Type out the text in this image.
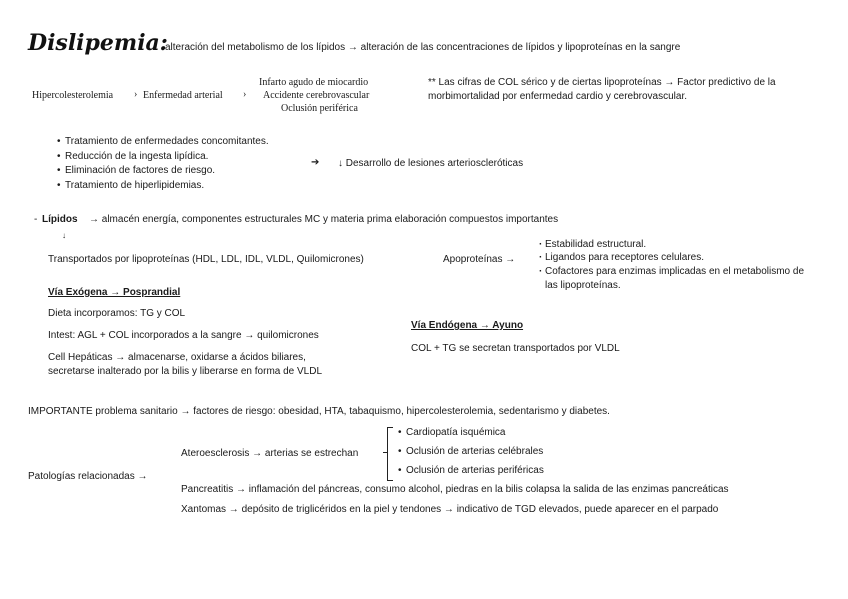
Dislipemia:
alteración del metabolismo de los lípidos → alteración de las concentraciones de lípidos y lipoproteínas en la sangre
Hipercolesterolemia › Enfermedad arterial ›
Infarto agudo de miocardio
Accidente cerebrovascular
Oclusión periférica
** Las cifras de COL sérico y de ciertas lipoproteínas → Factor predictivo de la
morbimortalidad por enfermedad cardio y cerebrovascular.
• Tratamiento de enfermedades concomitantes.
• Reducción de la ingesta lipídica.
• Eliminación de factores de riesgo.
• Tratamiento de hiperlipidemias.
➔ ↓ Desarrollo de lesiones arterioscleróticas
- Lípidos → almacén energía, componentes estructurales MC y materia prima elaboración compuestos importantes
↓
Transportados por lipoproteínas (HDL, LDL, IDL, VLDL, Quilomicrones)	Apoproteínas →
· Estabilidad estructural.
· Ligandos para receptores celulares.
· Cofactores para enzimas implicadas en el metabolismo de
las lipoproteínas.
Vía Exógena → Posprandial
Dieta incorporamos: TG y COL
Intest: AGL + COL incorporados a la sangre → quilomicrones
Cell Hepáticas → almacenarse, oxidarse a ácidos biliares,
secretarse inalterado por la bilis y liberarse en forma de VLDL
Vía Endógena → Ayuno
COL + TG se secretan transportados por VLDL
IMPORTANTE problema sanitario → factores de riesgo: obesidad, HTA, tabaquismo, hipercolesterolemia, sedentarismo y diabetes.
Patologías relacionadas →
Ateroesclerosis → arterias se estrechan
• Cardiopatía isquémica
• Oclusión de arterias celébrales
• Oclusión de arterias periféricas
Pancreatitis → inflamación del páncreas, consumo alcohol, piedras en la bilis colapsa la salida de las enzimas pancreáticas
Xantomas → depósito de triglicéridos en la piel y tendones → indicativo de TGD elevados, puede aparecer en el parpado
